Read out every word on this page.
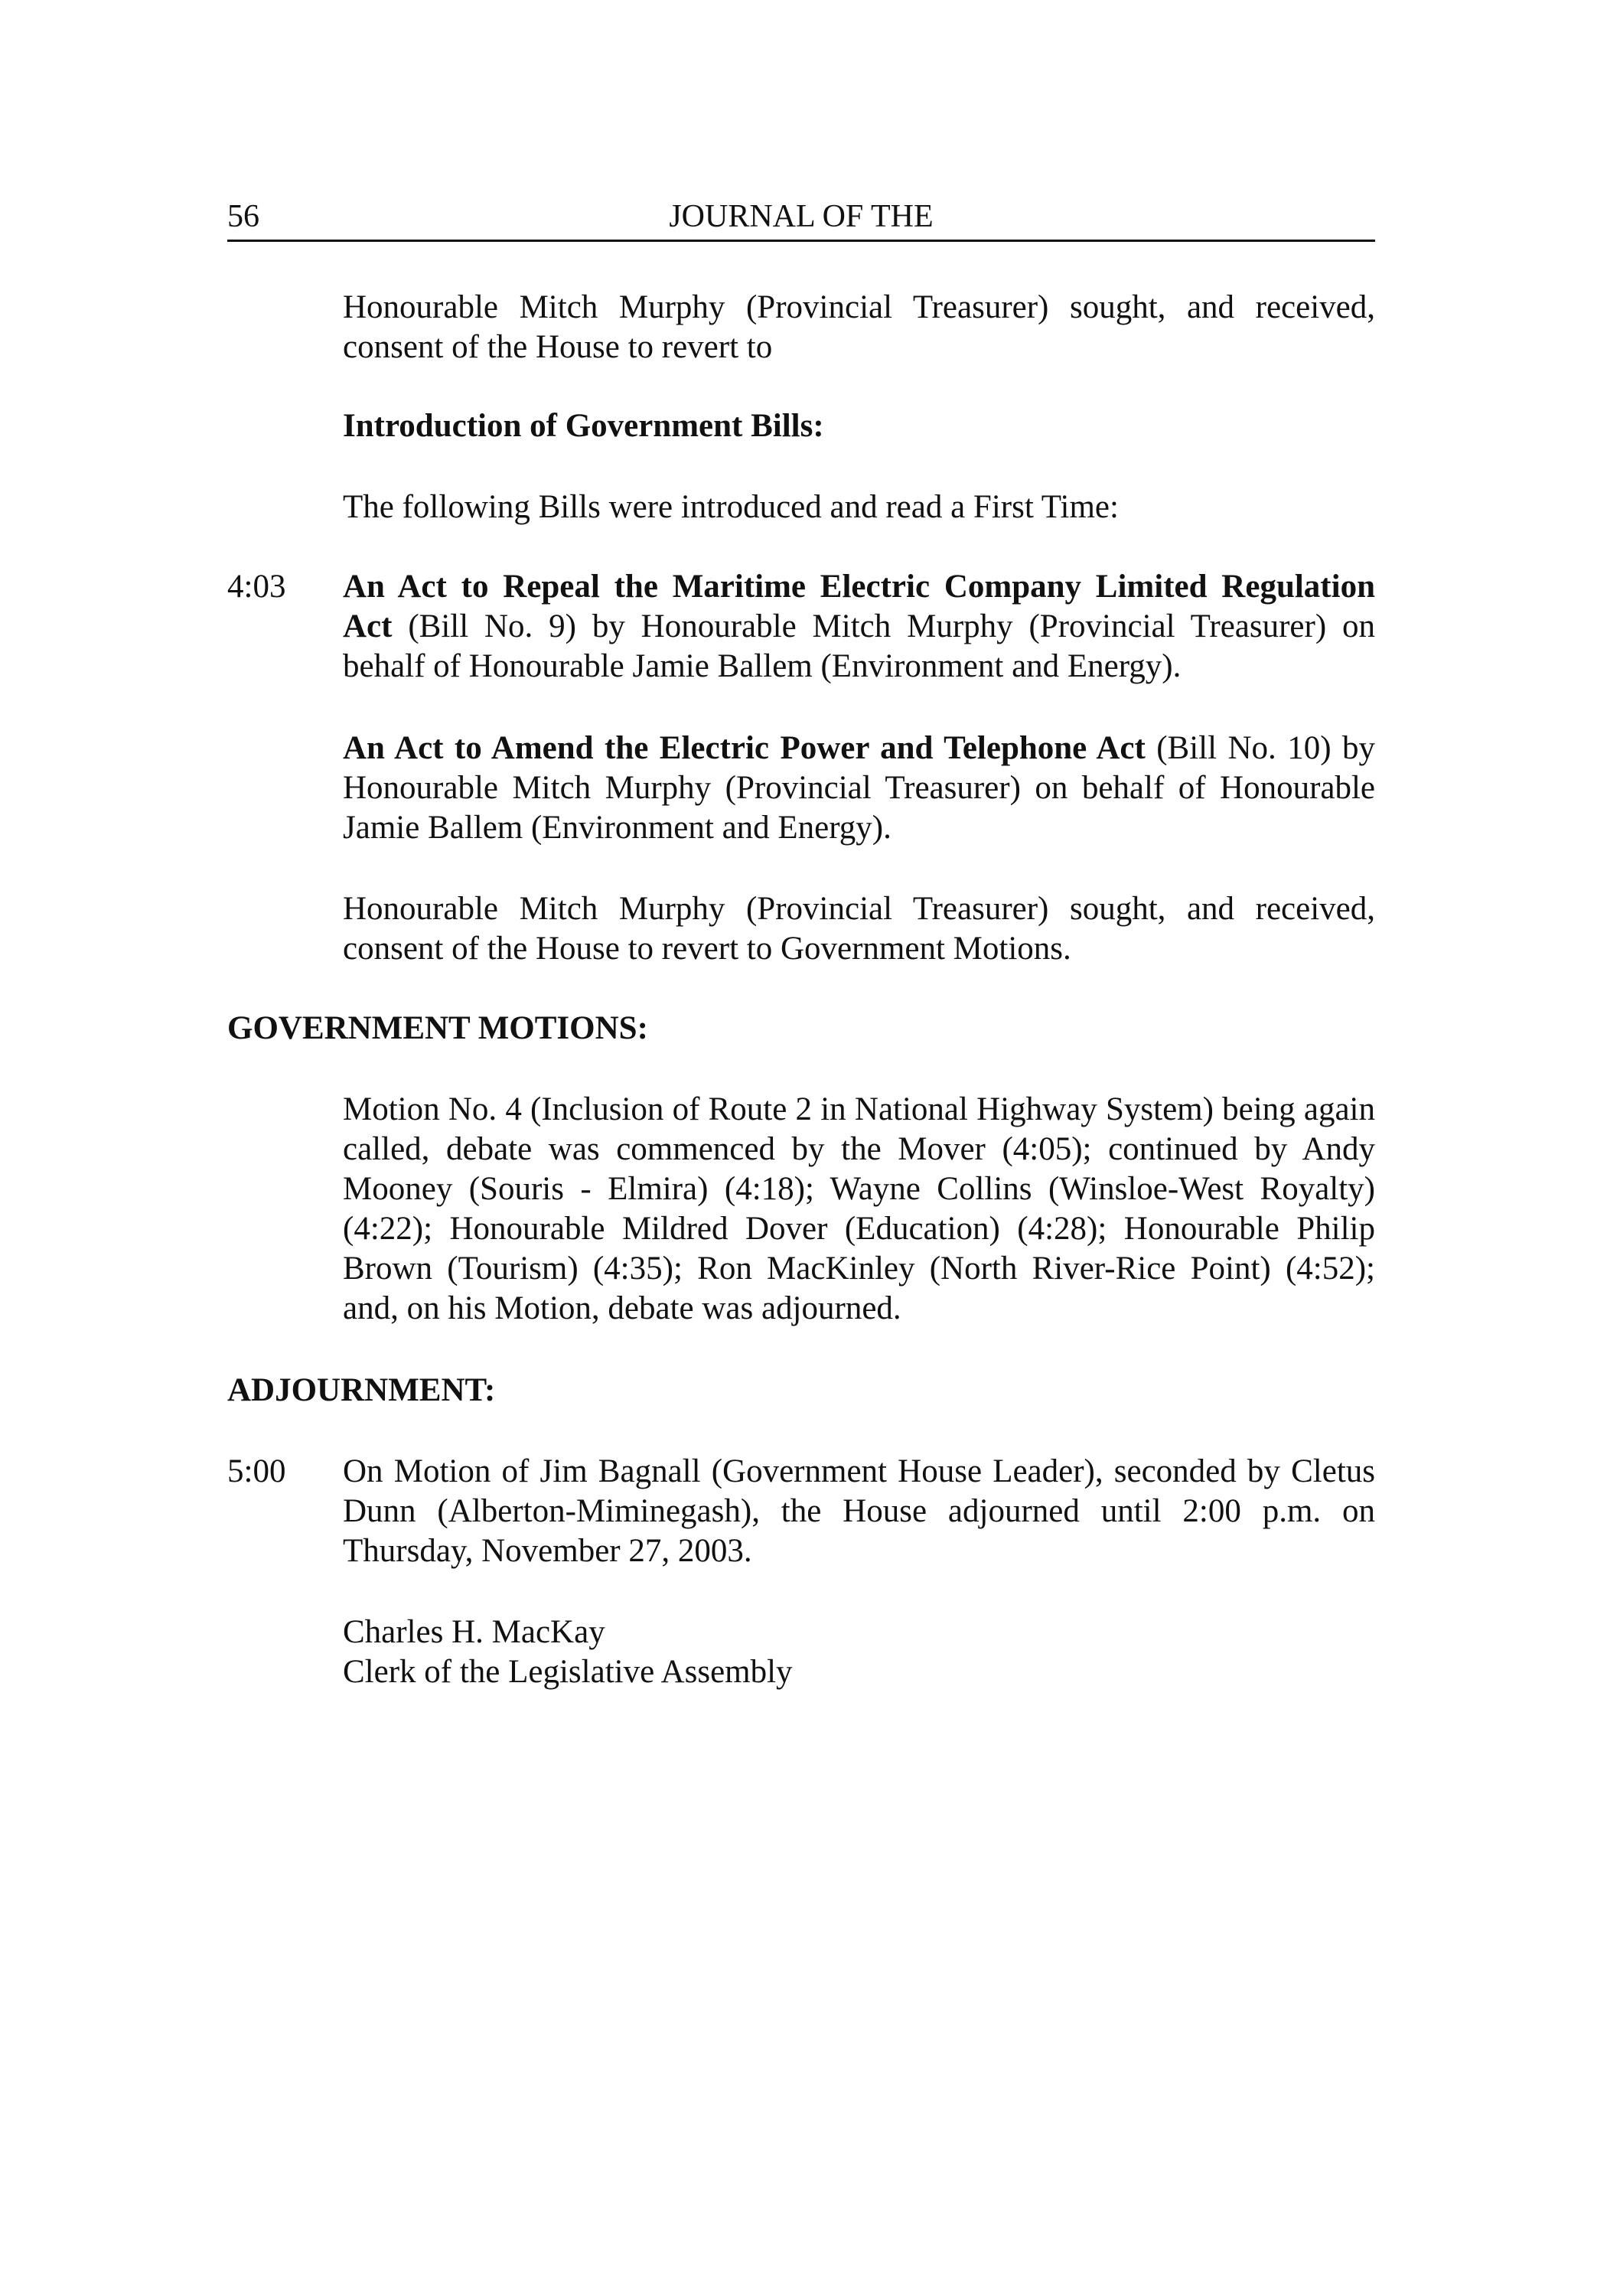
56	JOURNAL OF THE
Honourable Mitch Murphy (Provincial Treasurer) sought, and received, consent of the House to revert to
Introduction of Government Bills:
The following Bills were introduced and read a First Time:
4:03 An Act to Repeal the Maritime Electric Company Limited Regulation Act (Bill No. 9) by Honourable Mitch Murphy (Provincial Treasurer) on behalf of Honourable Jamie Ballem (Environment and Energy).
An Act to Amend the Electric Power and Telephone Act (Bill No. 10) by Honourable Mitch Murphy (Provincial Treasurer) on behalf of Honourable Jamie Ballem (Environment and Energy).
Honourable Mitch Murphy (Provincial Treasurer) sought, and received, consent of the House to revert to Government Motions.
GOVERNMENT MOTIONS:
Motion No. 4 (Inclusion of Route 2 in National Highway System) being again called, debate was commenced by the Mover (4:05); continued by Andy Mooney (Souris - Elmira) (4:18); Wayne Collins (Winsloe-West Royalty) (4:22); Honourable Mildred Dover (Education) (4:28); Honourable Philip Brown (Tourism) (4:35); Ron MacKinley (North River-Rice Point) (4:52); and, on his Motion, debate was adjourned.
ADJOURNMENT:
5:00 On Motion of Jim Bagnall (Government House Leader), seconded by Cletus Dunn (Alberton-Miminegash), the House adjourned until 2:00 p.m. on Thursday, November 27, 2003.
Charles H. MacKay
Clerk of the Legislative Assembly
